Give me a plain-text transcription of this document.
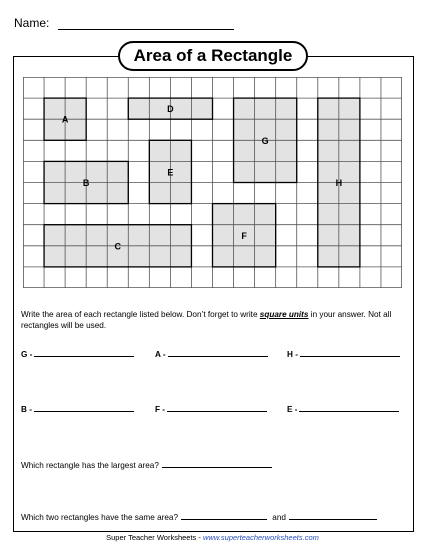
Name:
Area of a Rectangle
A
D
G
H
B
E
F
C
Write the area of each rectangle listed below. Don’t forget to write square units in your answer. Not all rectangles will be used.
G -	A -	H -
B -	F -	E -
Which rectangle has the largest area?
Which two rectangles have the same area?	and
Super Teacher Worksheets - www.superteacherworksheets.com
